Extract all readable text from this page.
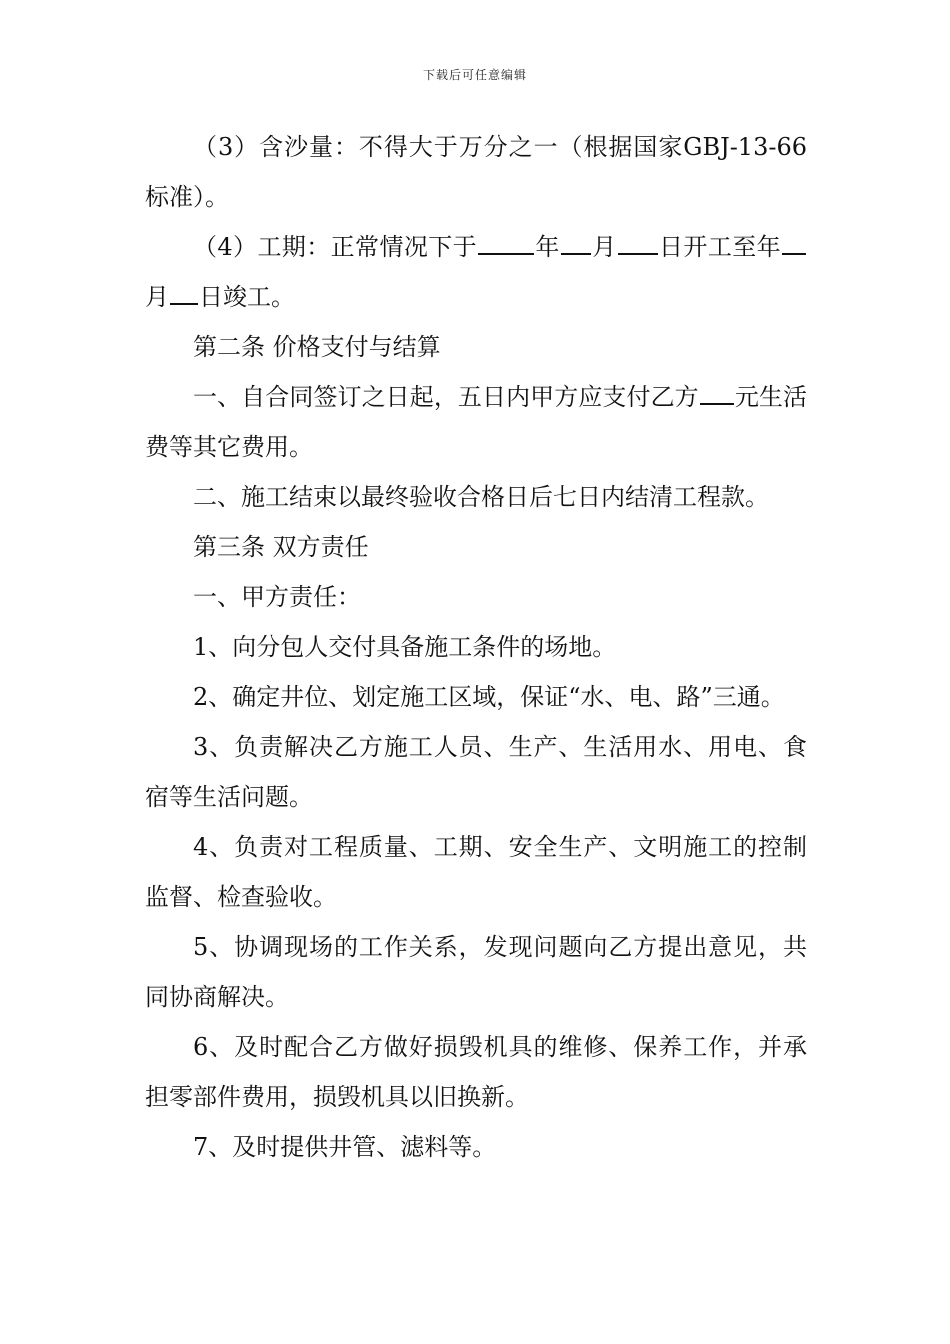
下载后可任意编辑

（3）含沙量：不得大于万分之一（根据国家GBJ-13-66标准）。

（4）工期：正常情况下于 年 月 日开工至年月 日竣工。

第二条 价格支付与结算

一、自合同签订之日起，五日内甲方应支付乙方 元生活费等其它费用。

二、施工结束以最终验收合格日后七日内结清工程款。

第三条 双方责任

一、甲方责任：

1、向分包人交付具备施工条件的场地。

2、确定井位、划定施工区域，保证“水、电、路”三通。

3、负责解决乙方施工人员、生产、生活用水、用电、食宿等生活问题。

4、负责对工程质量、工期、安全生产、文明施工的控制监督、检查验收。

5、协调现场的工作关系，发现问题向乙方提出意见，共同协商解决。

6、及时配合乙方做好损毁机具的维修、保养工作，并承担零部件费用，损毁机具以旧换新。

7、及时提供井管、滤料等。
